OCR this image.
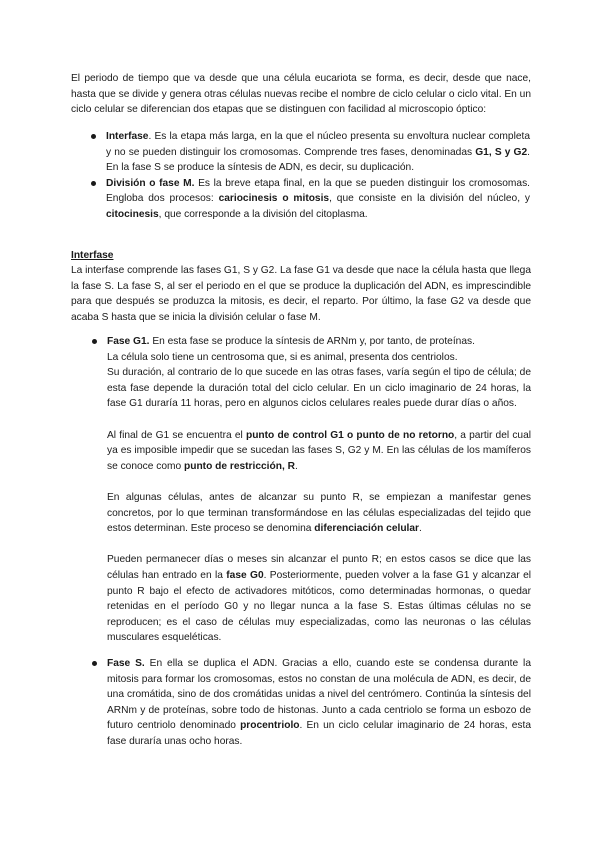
El periodo de tiempo que va desde que una célula eucariota se forma, es decir, desde que nace, hasta que se divide y genera otras células nuevas recibe el nombre de ciclo celular o ciclo vital. En un ciclo celular se diferencian dos etapas que se distinguen con facilidad al microscopio óptico:

Interfase. Es la etapa más larga, en la que el núcleo presenta su envoltura nuclear completa y no se pueden distinguir los cromosomas. Comprende tres fases, denominadas G1, S y G2. En la fase S se produce la síntesis de ADN, es decir, su duplicación.
División o fase M. Es la breve etapa final, en la que se pueden distinguir los cromosomas. Engloba dos procesos: cariocinesis o mitosis, que consiste en la división del núcleo, y citocinesis, que corresponde a la división del citoplasma.
Interfase

La interfase comprende las fases G1, S y G2. La fase G1 va desde que nace la célula hasta que llega la fase S. La fase S, al ser el periodo en el que se produce la duplicación del ADN, es imprescindible para que después se produzca la mitosis, es decir, el reparto. Por último, la fase G2 va desde que acaba S hasta que se inicia la división celular o fase M.

Fase G1. En esta fase se produce la síntesis de ARNm y, por tanto, de proteínas.
La célula solo tiene un centrosoma que, si es animal, presenta dos centriolos.
Su duración, al contrario de lo que sucede en las otras fases, varía según el tipo de célula; de esta fase depende la duración total del ciclo celular. En un ciclo imaginario de 24 horas, la fase G1 duraría 11 horas, pero en algunos ciclos celulares reales puede durar días o años.

Al final de G1 se encuentra el punto de control G1 o punto de no retorno, a partir del cual ya es imposible impedir que se sucedan las fases S, G2 y M. En las células de los mamíferos se conoce como punto de restricción, R.

En algunas células, antes de alcanzar su punto R, se empiezan a manifestar genes concretos, por lo que terminan transformándose en las células especializadas del tejido que estos determinan. Este proceso se denomina diferenciación celular.

Pueden permanecer días o meses sin alcanzar el punto R; en estos casos se dice que las células han entrado en la fase G0. Posteriormente, pueden volver a la fase G1 y alcanzar el punto R bajo el efecto de activadores mitóticos, como determinadas hormonas, o quedar retenidas en el período G0 y no llegar nunca a la fase S. Estas últimas células no se reproducen; es el caso de células muy especializadas, como las neuronas o las células musculares esqueléticas.

Fase S. En ella se duplica el ADN. Gracias a ello, cuando este se condensa durante la mitosis para formar los cromosomas, estos no constan de una molécula de ADN, es decir, de una cromátida, sino de dos cromátidas unidas a nivel del centrómero. Continúa la síntesis del ARNm y de proteínas, sobre todo de histonas. Junto a cada centriolo se forma un esbozo de futuro centriolo denominado procentriolo. En un ciclo celular imaginario de 24 horas, esta fase duraría unas ocho horas.
